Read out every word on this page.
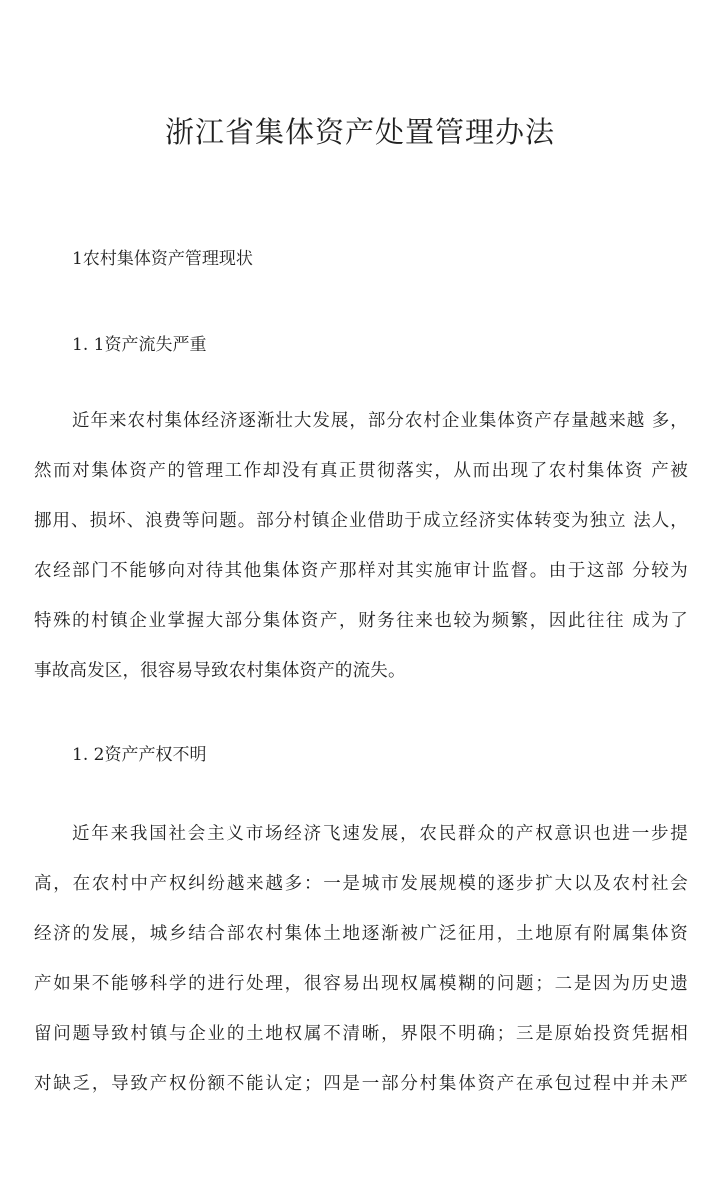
浙江省集体资产处置管理办法

1农村集体资产管理现状

1. 1资产流失严重

近年来农村集体经济逐渐壮大发展，部分农村企业集体资产存量越来越 多，
然而对集体资产的管理工作却没有真正贯彻落实，从而出现了农村集体资 产被
挪用、损坏、浪费等问题。部分村镇企业借助于成立经济实体转变为独立 法人，
农经部门不能够向对待其他集体资产那样对其实施审计监督。由于这部 分较为
特殊的村镇企业掌握大部分集体资产，财务往来也较为频繁，因此往往 成为了
事故高发区，很容易导致农村集体资产的流失。

1. 2资产产权不明

近年来我国社会主义市场经济飞速发展，农民群众的产权意识也进一步提
高，在农村中产权纠纷越来越多：一是城市发展规模的逐步扩大以及农村社会
经济的发展，城乡结合部农村集体土地逐渐被广泛征用，土地原有附属集体资
产如果不能够科学的进行处理，很容易出现权属模糊的问题；二是因为历史遗
留问题导致村镇与企业的土地权属不清晰，界限不明确；三是原始投资凭据相
对缺乏，导致产权份额不能认定；四是一部分村集体资产在承包过程中并未严
